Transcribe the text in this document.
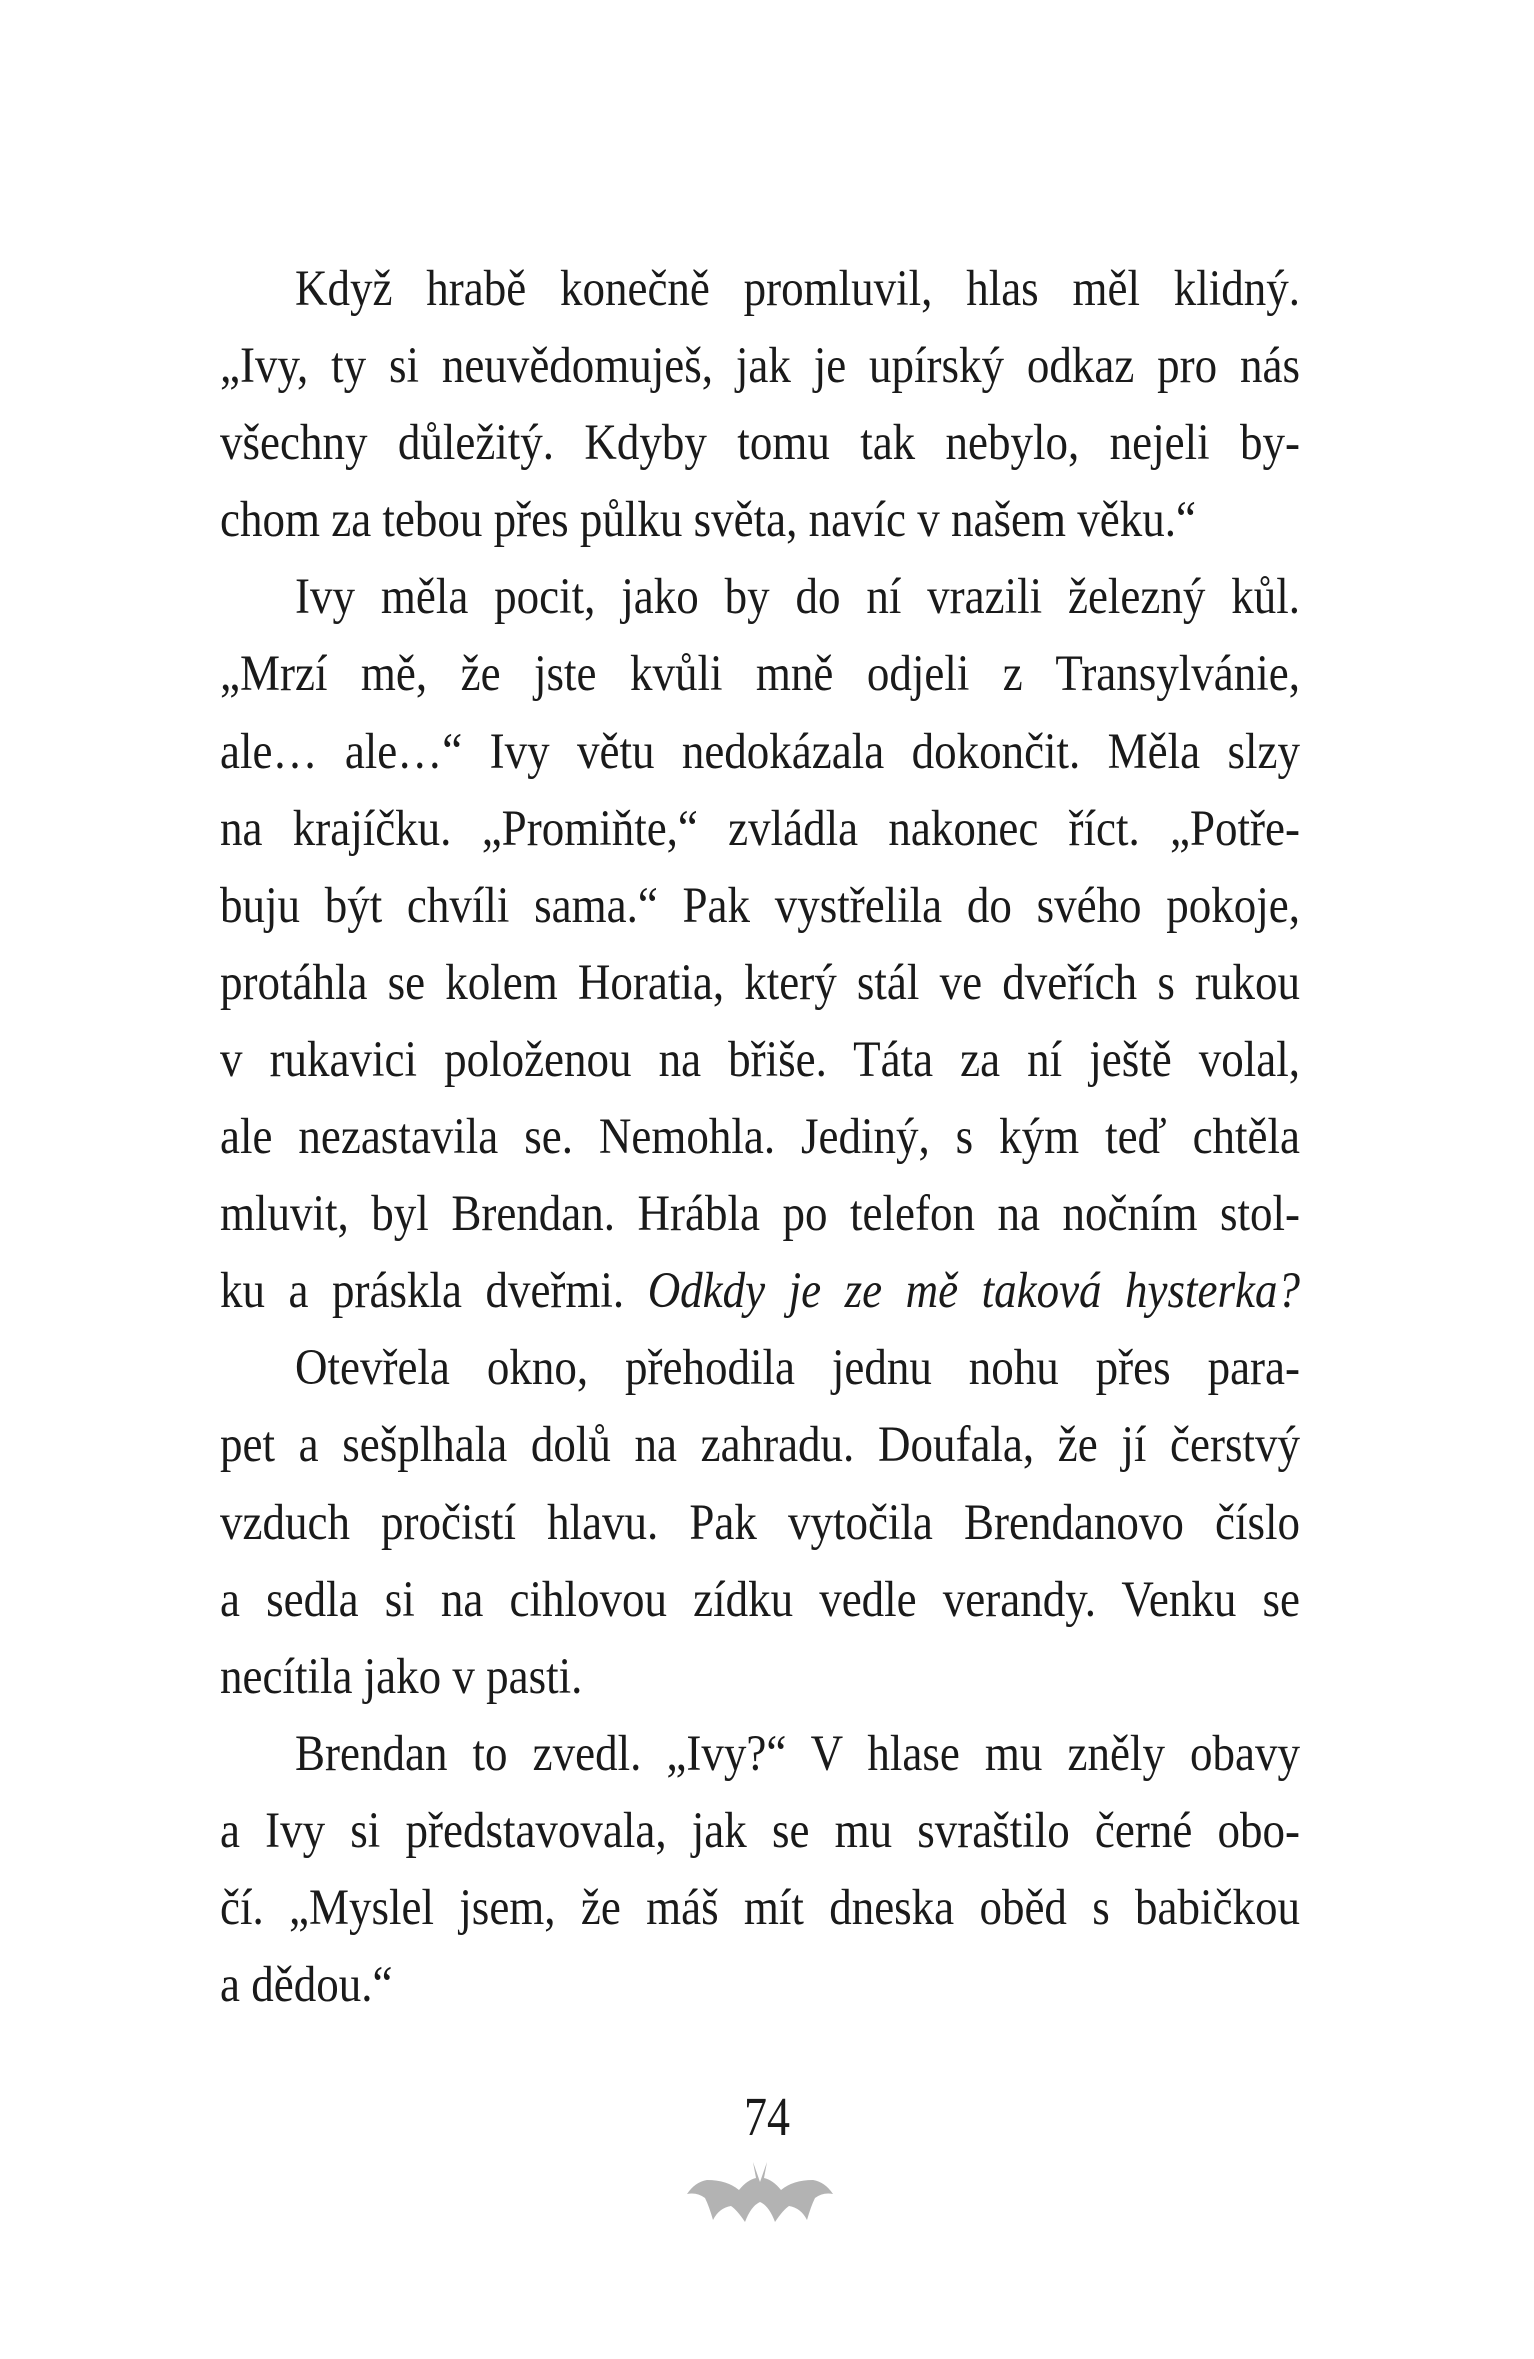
Když hrabě konečně promluvil, hlas měl klidný.
„Ivy, ty si neuvědomuješ, jak je upírský odkaz pro nás
všechny důležitý. Kdyby tomu tak nebylo, nejeli by-
chom za tebou přes půlku světa, navíc v našem věku.“
Ivy měla pocit, jako by do ní vrazili železný kůl.
„Mrzí mě, že jste kvůli mně odjeli z Transylvánie,
ale… ale…“ Ivy větu nedokázala dokončit. Měla slzy
na krajíčku. „Promiňte,“ zvládla nakonec říct. „Potře-
buju být chvíli sama.“ Pak vystřelila do svého pokoje,
protáhla se kolem Horatia, který stál ve dveřích s rukou
v rukavici položenou na břiše. Táta za ní ještě volal,
ale nezastavila se. Nemohla. Jediný, s kým teď chtěla
mluvit, byl Brendan. Hrábla po telefon na nočním stol-
ku a práskla dveřmi. Odkdy je ze mě taková hysterka?
Otevřela okno, přehodila jednu nohu přes para-
pet a sešplhala dolů na zahradu. Doufala, že jí čerstvý
vzduch pročistí hlavu. Pak vytočila Brendanovo číslo
a sedla si na cihlovou zídku vedle verandy. Venku se
necítila jako v pasti.
Brendan to zvedl. „Ivy?“ V hlase mu zněly obavy
a Ivy si představovala, jak se mu svraštilo černé obo-
čí. „Myslel jsem, že máš mít dneska oběd s babičkou
a dědou.“
74
